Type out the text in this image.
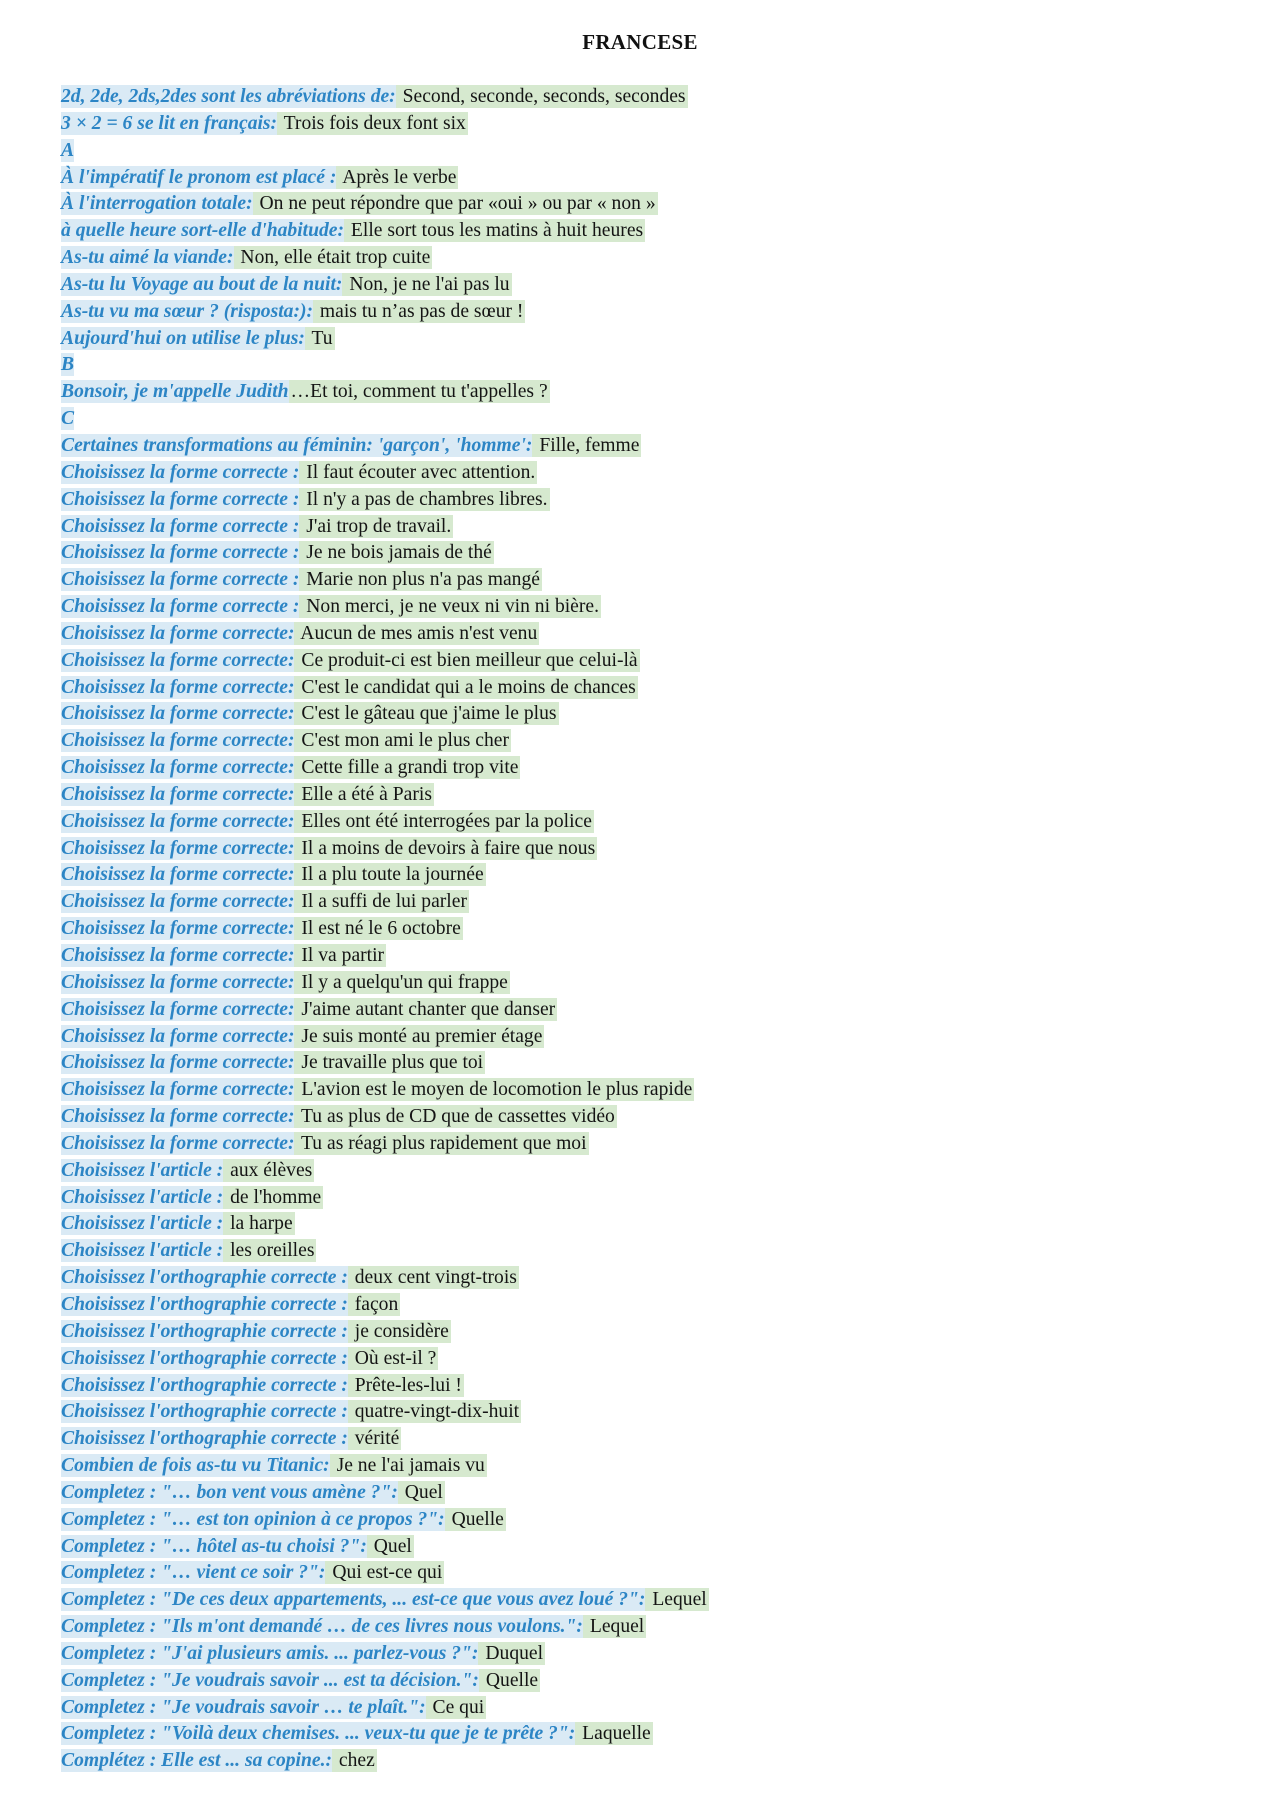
FRANCESE
2d, 2de, 2ds,2des sont les abréviations de: Second, seconde, seconds, secondes
3 × 2 = 6 se lit en français: Trois fois deux font six
A
À l'impératif le pronom est placé : Après le verbe
À l'interrogation totale: On ne peut répondre que par «oui » ou par « non »
à quelle heure sort-elle d'habitude: Elle sort tous les matins à huit heures
As-tu aimé la viande: Non, elle était trop cuite
As-tu lu Voyage au bout de la nuit: Non, je ne l'ai pas lu
As-tu vu ma sœur ? (risposta:): mais tu n’as pas de sœur !
Aujourd'hui on utilise le plus: Tu
B
Bonsoir, je m'appelle Judith …Et toi, comment tu t'appelles ?
C
Certaines transformations au féminin: 'garçon', 'homme': Fille, femme
Choisissez la forme correcte : Il faut écouter avec attention.
Choisissez la forme correcte : Il n'y a pas de chambres libres.
Choisissez la forme correcte : J'ai trop de travail.
Choisissez la forme correcte : Je ne bois jamais de thé
Choisissez la forme correcte : Marie non plus n'a pas mangé
Choisissez la forme correcte : Non merci, je ne veux ni vin ni bière.
Choisissez la forme correcte: Aucun de mes amis n'est venu
Choisissez la forme correcte: Ce produit-ci est bien meilleur que celui-là
Choisissez la forme correcte: C'est le candidat qui a le moins de chances
Choisissez la forme correcte: C'est le gâteau que j'aime le plus
Choisissez la forme correcte: C'est mon ami le plus cher
Choisissez la forme correcte: Cette fille a grandi trop vite
Choisissez la forme correcte: Elle a été à Paris
Choisissez la forme correcte: Elles ont été interrogées par la police
Choisissez la forme correcte: Il a moins de devoirs à faire que nous
Choisissez la forme correcte: Il a plu toute la journée
Choisissez la forme correcte: Il a suffi de lui parler
Choisissez la forme correcte: Il est né le 6 octobre
Choisissez la forme correcte: Il va partir
Choisissez la forme correcte: Il y a quelqu'un qui frappe
Choisissez la forme correcte: J'aime autant chanter que danser
Choisissez la forme correcte: Je suis monté au premier étage
Choisissez la forme correcte: Je travaille plus que toi
Choisissez la forme correcte: L'avion est le moyen de locomotion le plus rapide
Choisissez la forme correcte: Tu as plus de CD que de cassettes vidéo
Choisissez la forme correcte: Tu as réagi plus rapidement que moi
Choisissez l'article : aux élèves
Choisissez l'article : de l'homme
Choisissez l'article : la harpe
Choisissez l'article : les oreilles
Choisissez l'orthographie correcte : deux cent vingt-trois
Choisissez l'orthographie correcte : façon
Choisissez l'orthographie correcte : je considère
Choisissez l'orthographie correcte : Où est-il ?
Choisissez l'orthographie correcte : Prête-les-lui !
Choisissez l'orthographie correcte : quatre-vingt-dix-huit
Choisissez l'orthographie correcte : vérité
Combien de fois as-tu vu Titanic: Je ne l'ai jamais vu
Completez : "… bon vent vous amène ?": Quel
Completez : "… est ton opinion à ce propos ?": Quelle
Completez : "… hôtel as-tu choisi ?": Quel
Completez : "… vient ce soir ?": Qui est-ce qui
Completez : "De ces deux appartements, ... est-ce que vous avez loué ?": Lequel
Completez : "Ils m'ont demandé … de ces livres nous voulons.": Lequel
Completez : "J'ai plusieurs amis. ... parlez-vous ?": Duquel
Completez : "Je voudrais savoir ... est ta décision.": Quelle
Completez : "Je voudrais savoir … te plaît.": Ce qui
Completez : "Voilà deux chemises. ... veux-tu que je te prête ?": Laquelle
Complétez : Elle est ... sa copine.: chez
